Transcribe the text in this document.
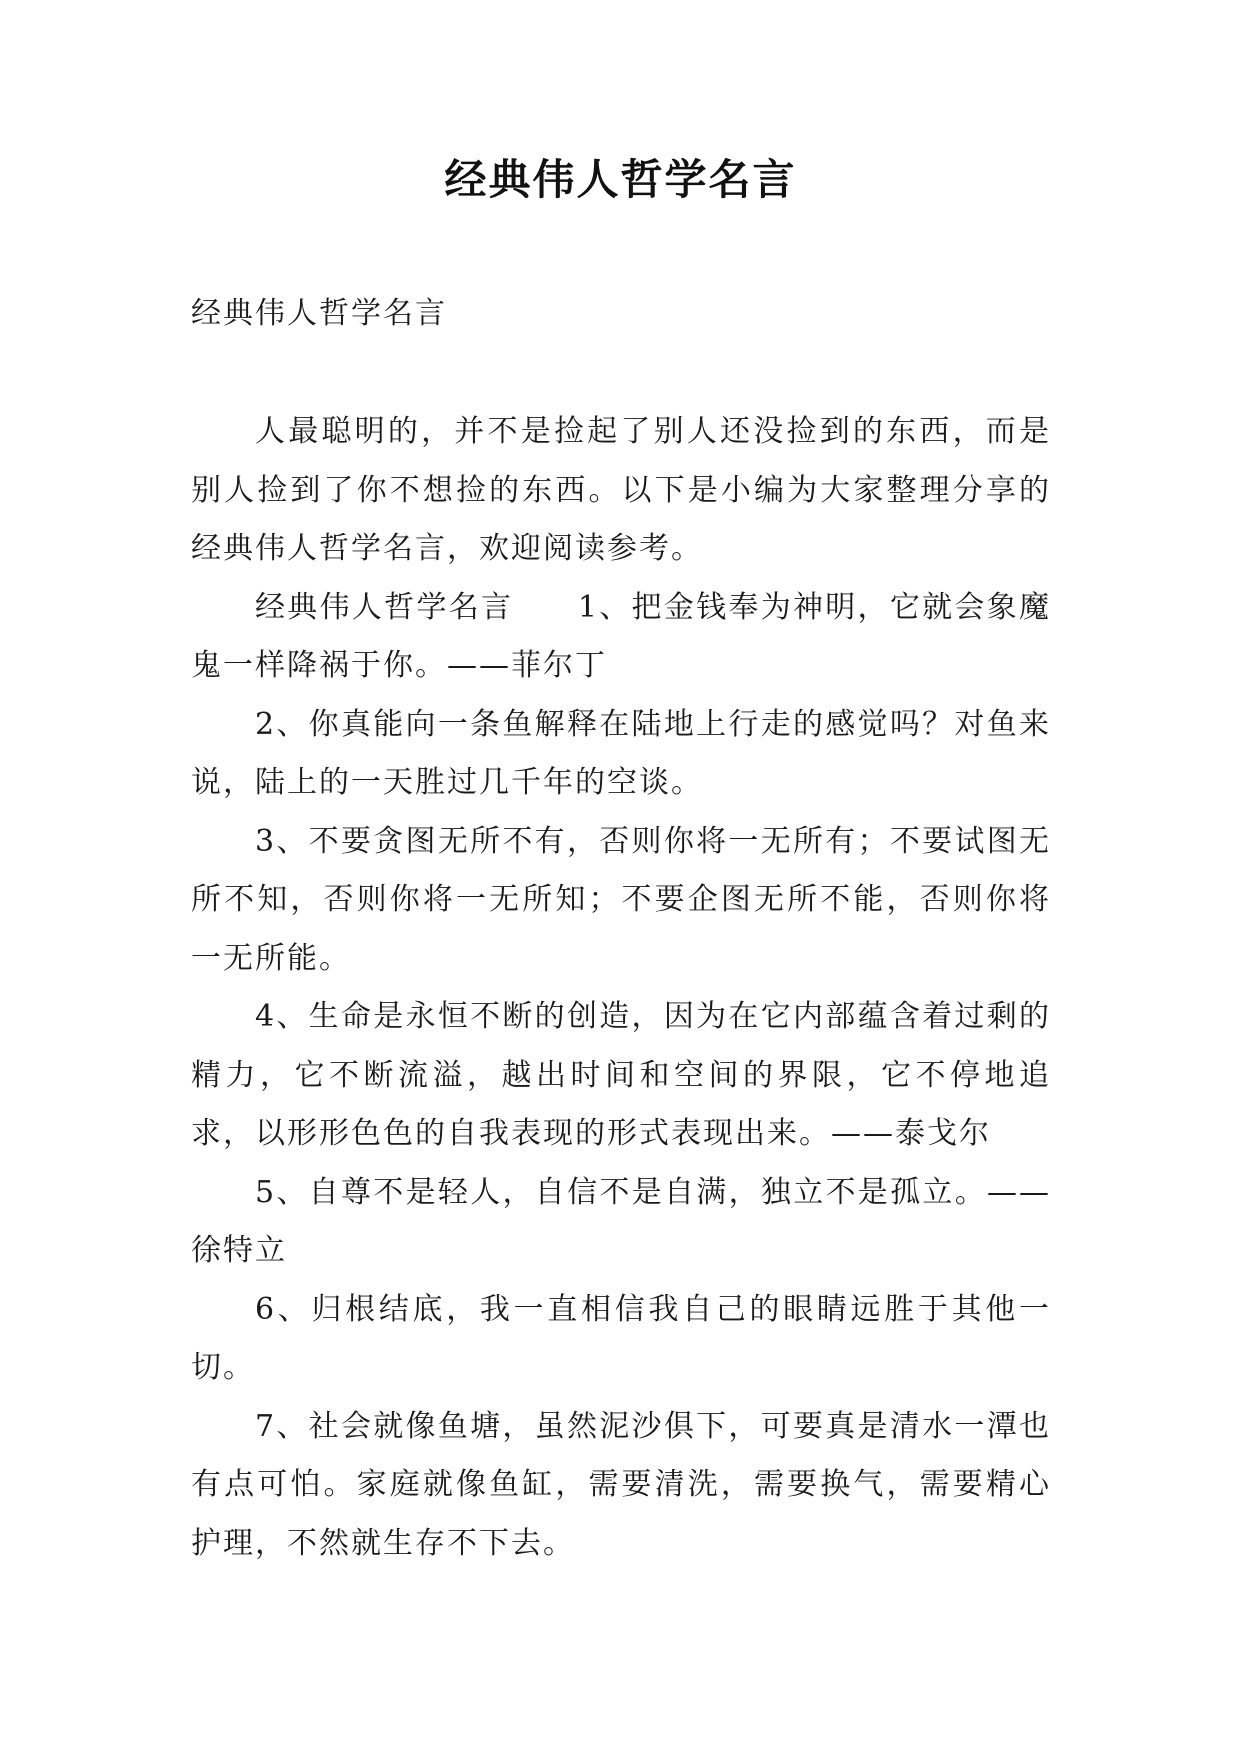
经典伟人哲学名言
经典伟人哲学名言

人最聪明的，并不是捡起了别人还没捡到的东西，而是别人捡到了你不想捡的东西。以下是小编为大家整理分享的经典伟人哲学名言，欢迎阅读参考。

经典伟人哲学名言　　1、把金钱奉为神明，它就会象魔鬼一样降祸于你。——菲尔丁

2、你真能向一条鱼解释在陆地上行走的感觉吗？对鱼来说，陆上的一天胜过几千年的空谈。

3、不要贪图无所不有，否则你将一无所有；不要试图无所不知，否则你将一无所知；不要企图无所不能，否则你将一无所能。

4、生命是永恒不断的创造，因为在它内部蕴含着过剩的精力，它不断流溢，越出时间和空间的界限，它不停地追求，以形形色色的自我表现的形式表现出来。——泰戈尔

5、自尊不是轻人，自信不是自满，独立不是孤立。——徐特立

6、归根结底，我一直相信我自己的眼睛远胜于其他一切。

7、社会就像鱼塘，虽然泥沙俱下，可要真是清水一潭也有点可怕。家庭就像鱼缸，需要清洗，需要换气，需要精心护理，不然就生存不下去。
